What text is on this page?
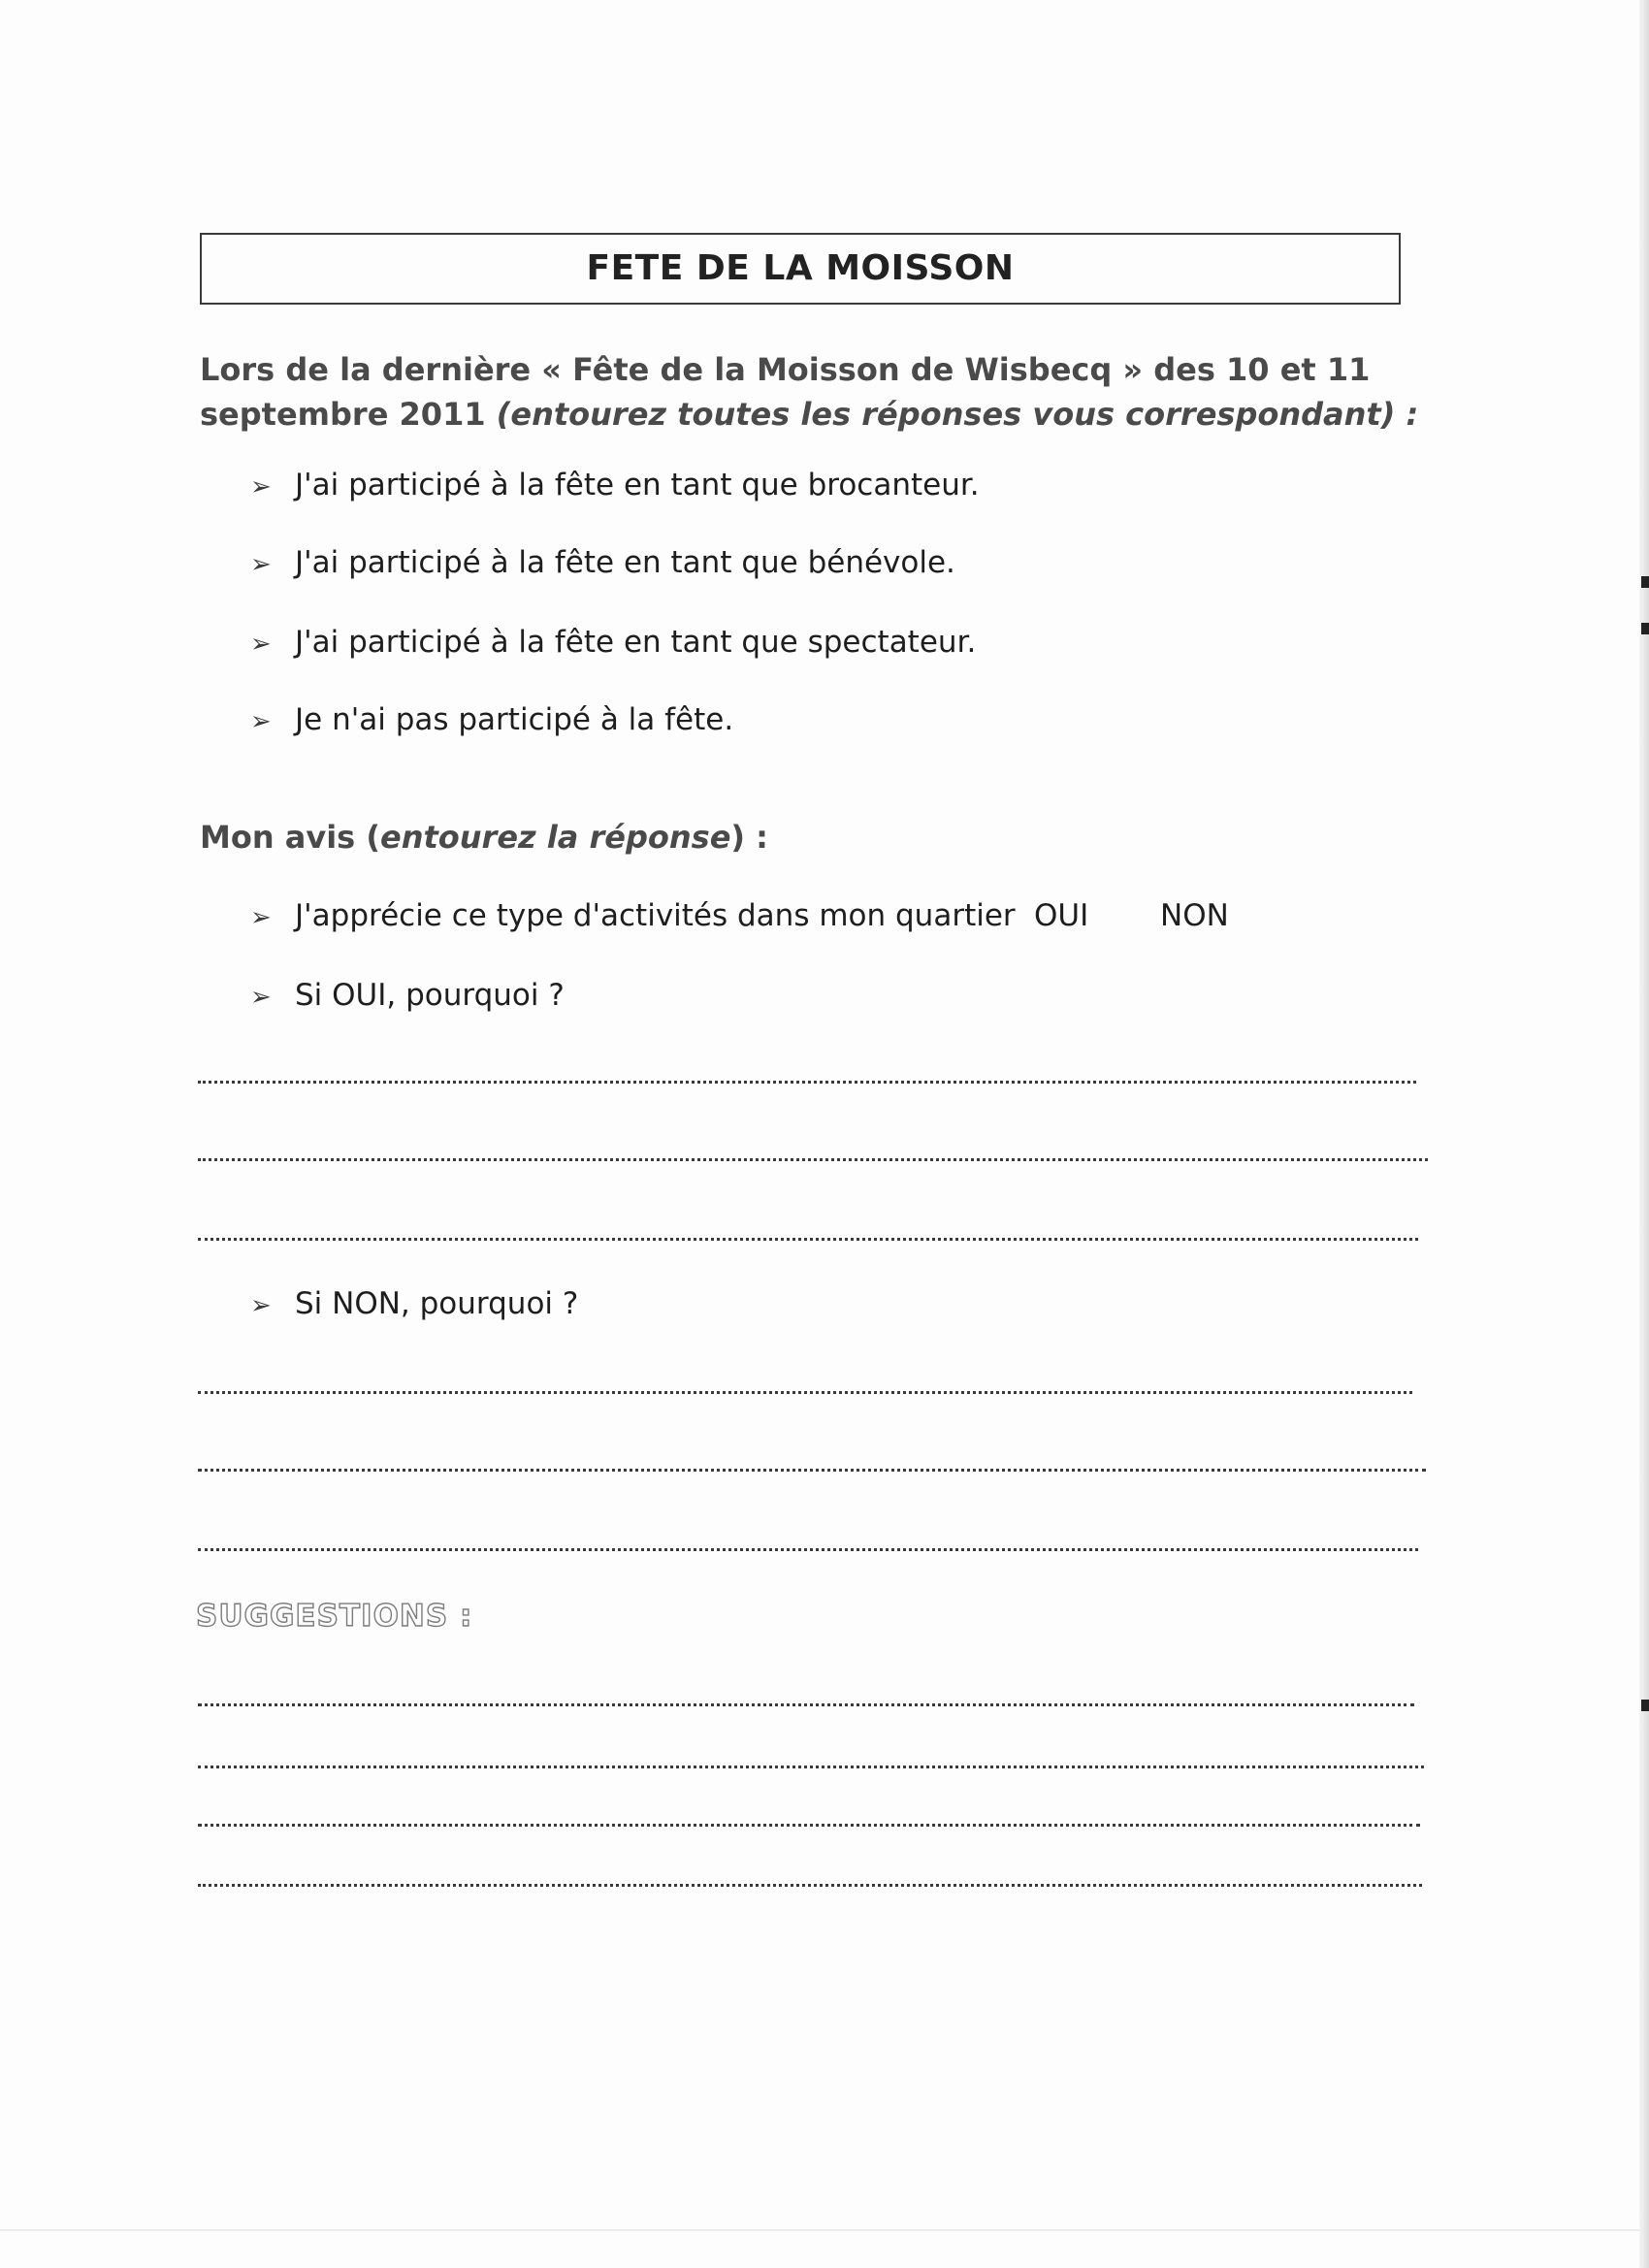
FETE DE LA MOISSON
Lors de la dernière « Fête de la Moisson de Wisbecq » des 10 et 11
septembre 2011 (entourez toutes les réponses vous correspondant) :
➢ J'ai participé à la fête en tant que brocanteur.
➢ J'ai participé à la fête en tant que bénévole.
➢ J'ai participé à la fête en tant que spectateur.
➢ Je n'ai pas participé à la fête.
Mon avis (entourez la réponse) :
➢ J'apprécie ce type d'activités dans mon quartier OUI NON
➢ Si OUI, pourquoi ?
➢ Si NON, pourquoi ?
SUGGESTIONS :
